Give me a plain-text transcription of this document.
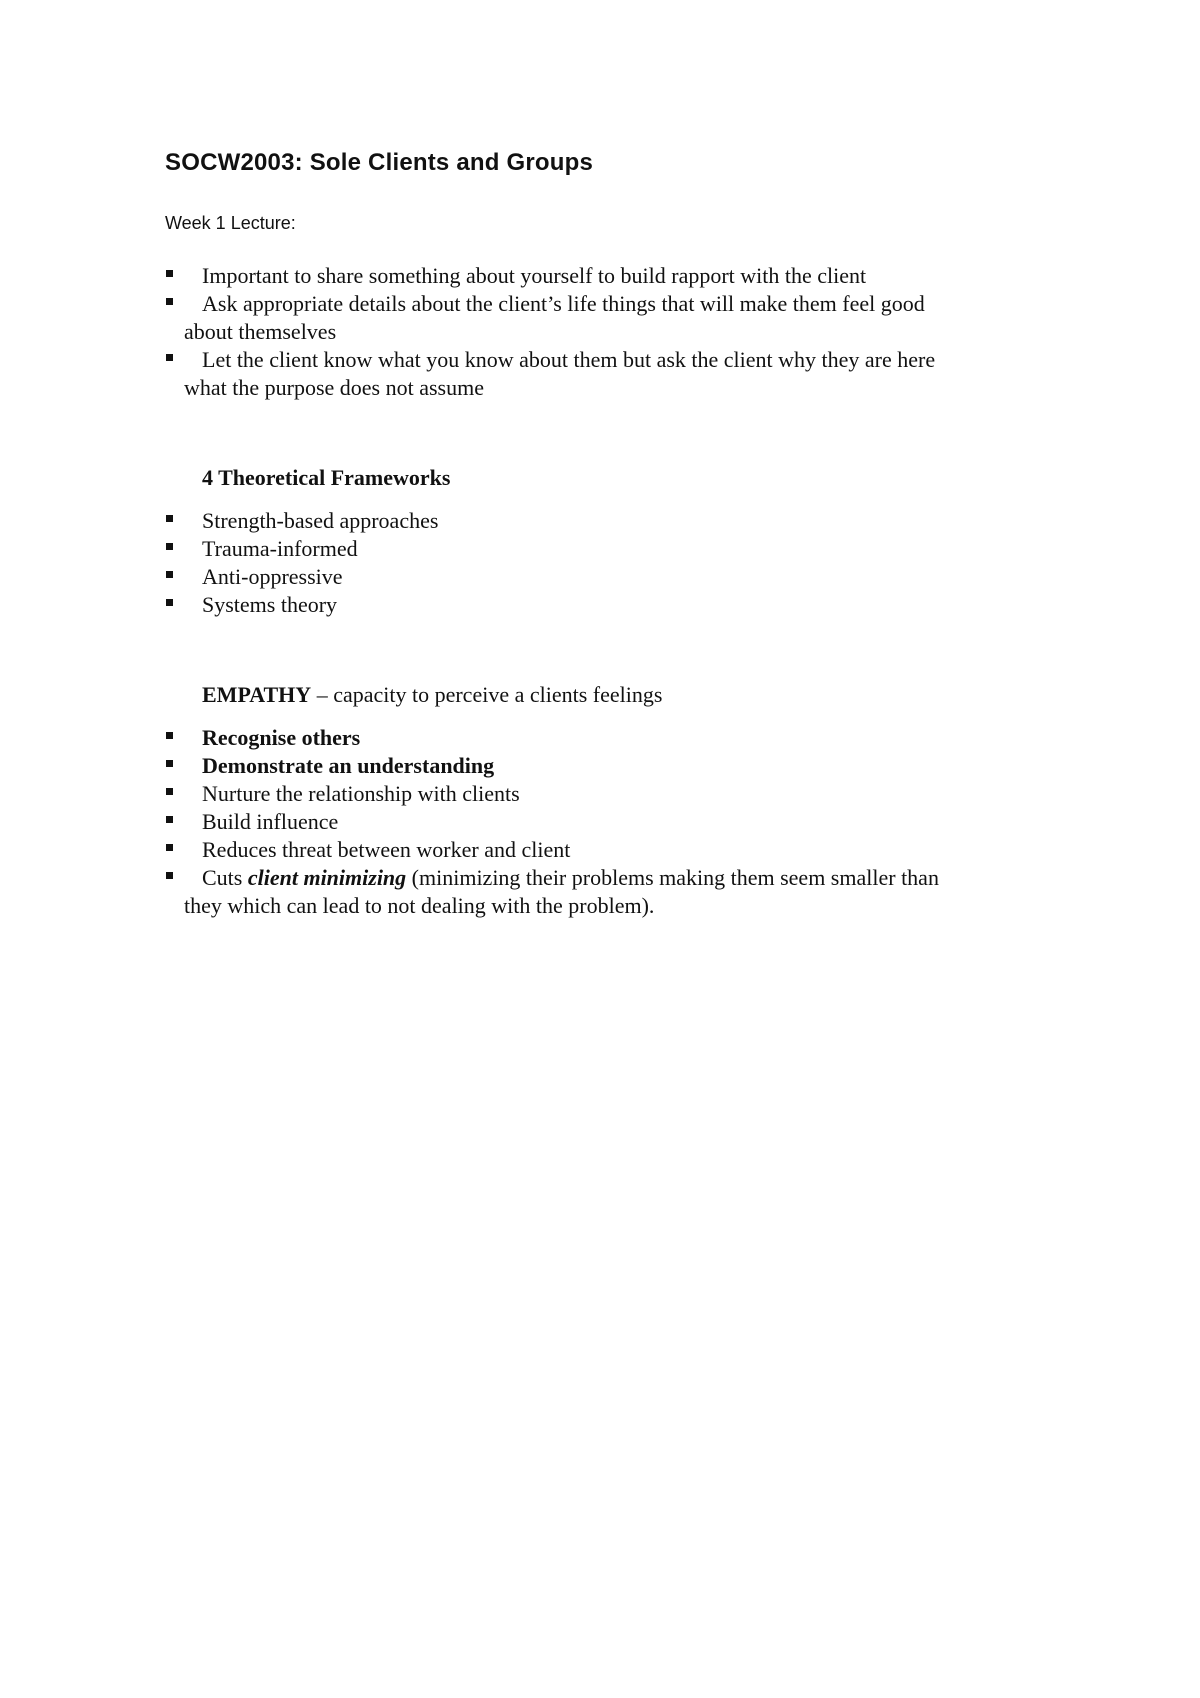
SOCW2003: Sole Clients and Groups
Week 1 Lecture:
Important to share something about yourself to build rapport with the client
Ask appropriate details about the client’s life things that will make them feel good
about themselves
Let the client know what you know about them but ask the client why they are here
what the purpose does not assume
4 Theoretical Frameworks
Strength-based approaches
Trauma-informed
Anti-oppressive
Systems theory
EMPATHY – capacity to perceive a clients feelings
Recognise others
Demonstrate an understanding
Nurture the relationship with clients
Build influence
Reduces threat between worker and client
Cuts client minimizing (minimizing their problems making them seem smaller than
they which can lead to not dealing with the problem).
